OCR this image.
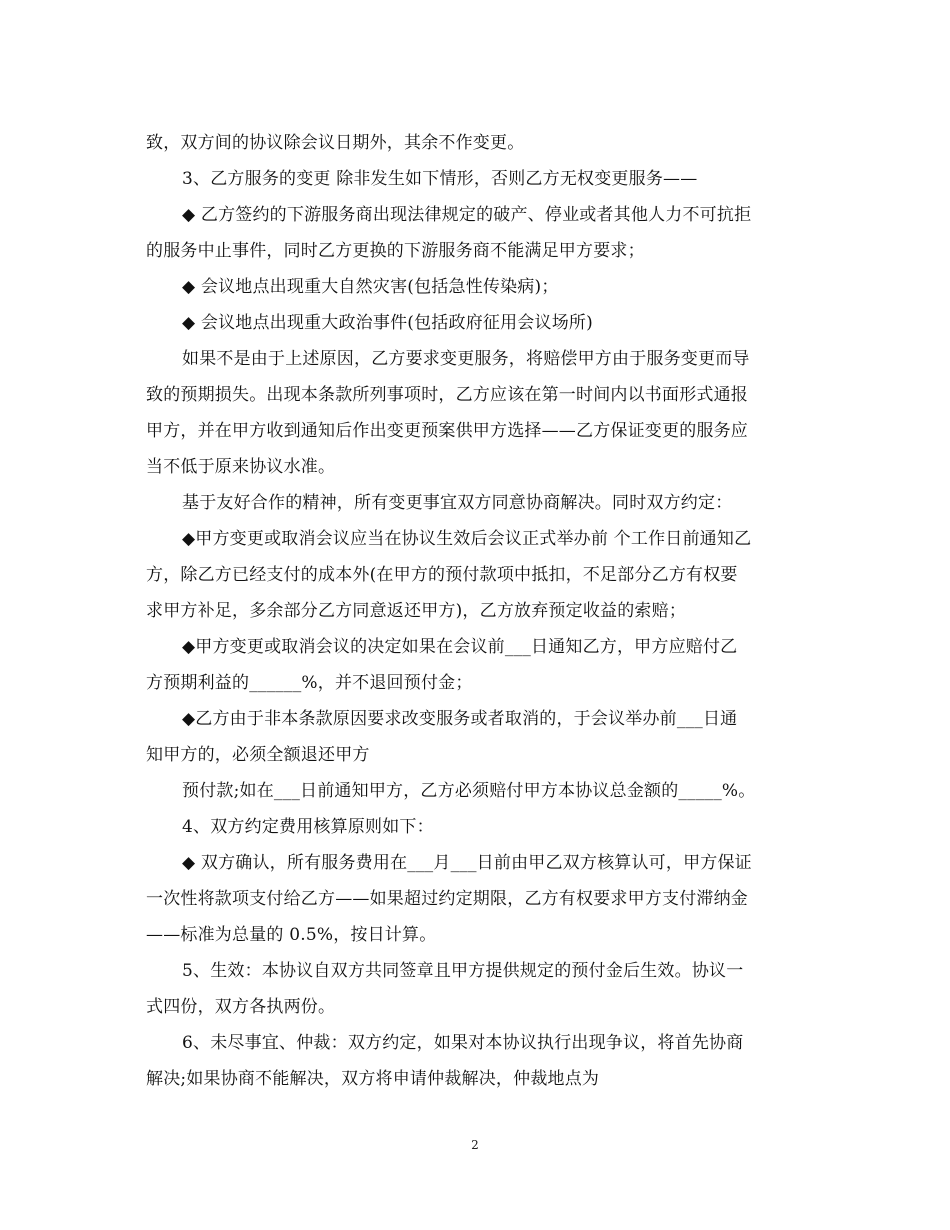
致，双方间的协议除会议日期外，其余不作变更。
3、乙方服务的变更 除非发生如下情形，否则乙方无权变更服务——
◆ 乙方签约的下游服务商出现法律规定的破产、停业或者其他人力不可抗拒
的服务中止事件，同时乙方更换的下游服务商不能满足甲方要求；
◆ 会议地点出现重大自然灾害(包括急性传染病)；
◆ 会议地点出现重大政治事件(包括政府征用会议场所)
如果不是由于上述原因，乙方要求变更服务，将赔偿甲方由于服务变更而导
致的预期损失。出现本条款所列事项时，乙方应该在第一时间内以书面形式通报
甲方，并在甲方收到通知后作出变更预案供甲方选择——乙方保证变更的服务应
当不低于原来协议水准。
基于友好合作的精神，所有变更事宜双方同意协商解决。同时双方约定：
◆甲方变更或取消会议应当在协议生效后会议正式举办前 个工作日前通知乙
方，除乙方已经支付的成本外(在甲方的预付款项中抵扣，不足部分乙方有权要
求甲方补足，多余部分乙方同意返还甲方)，乙方放弃预定收益的索赔；
◆甲方变更或取消会议的决定如果在会议前___日通知乙方，甲方应赔付乙
方预期利益的______%，并不退回预付金；
◆乙方由于非本条款原因要求改变服务或者取消的，于会议举办前___日通
知甲方的，必须全额退还甲方
预付款;如在___日前通知甲方，乙方必须赔付甲方本协议总金额的_____%。
4、双方约定费用核算原则如下：
◆ 双方确认，所有服务费用在___月___日前由甲乙双方核算认可，甲方保证
一次性将款项支付给乙方——如果超过约定期限，乙方有权要求甲方支付滞纳金
——标准为总量的 0.5%，按日计算。
5、生效：本协议自双方共同签章且甲方提供规定的预付金后生效。协议一
式四份，双方各执两份。
6、未尽事宜、仲裁：双方约定，如果对本协议执行出现争议，将首先协商
解决;如果协商不能解决，双方将申请仲裁解决，仲裁地点为
2
